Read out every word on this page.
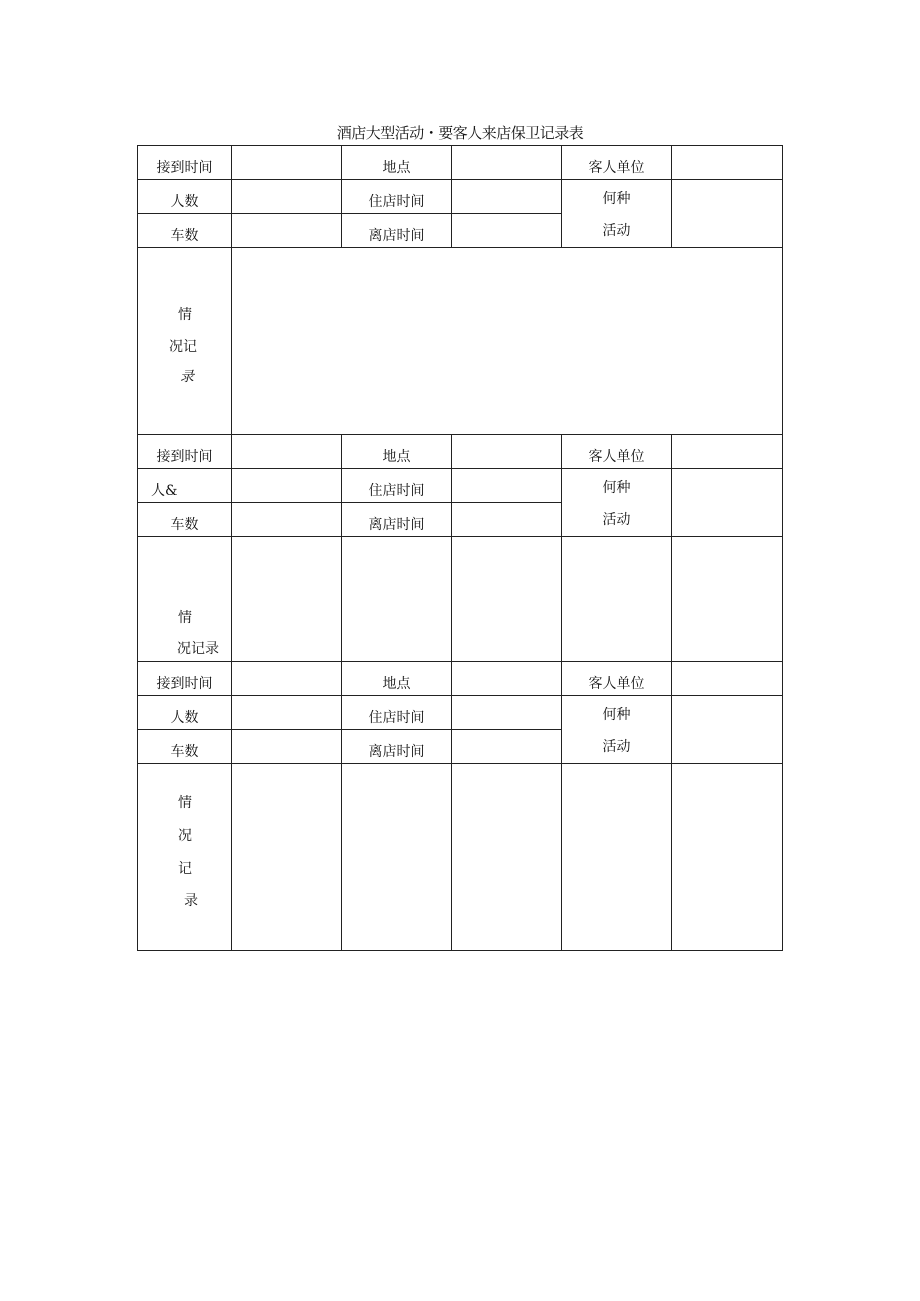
酒店大型活动・要客人来店保卫记录表
接到时间		地点		客人单位	
人数		住店时间		何种
活动	

车数		离店时间			

情
况记
录					

接到时间		地点		客人单位	
人&		住店时间		何种
活动	

车数		离店时间			

情
况记录					

接到时间		地点		客人单位	
人数		住店时间		何种
活动	

车数		离店时间			

情
况
记
录					
